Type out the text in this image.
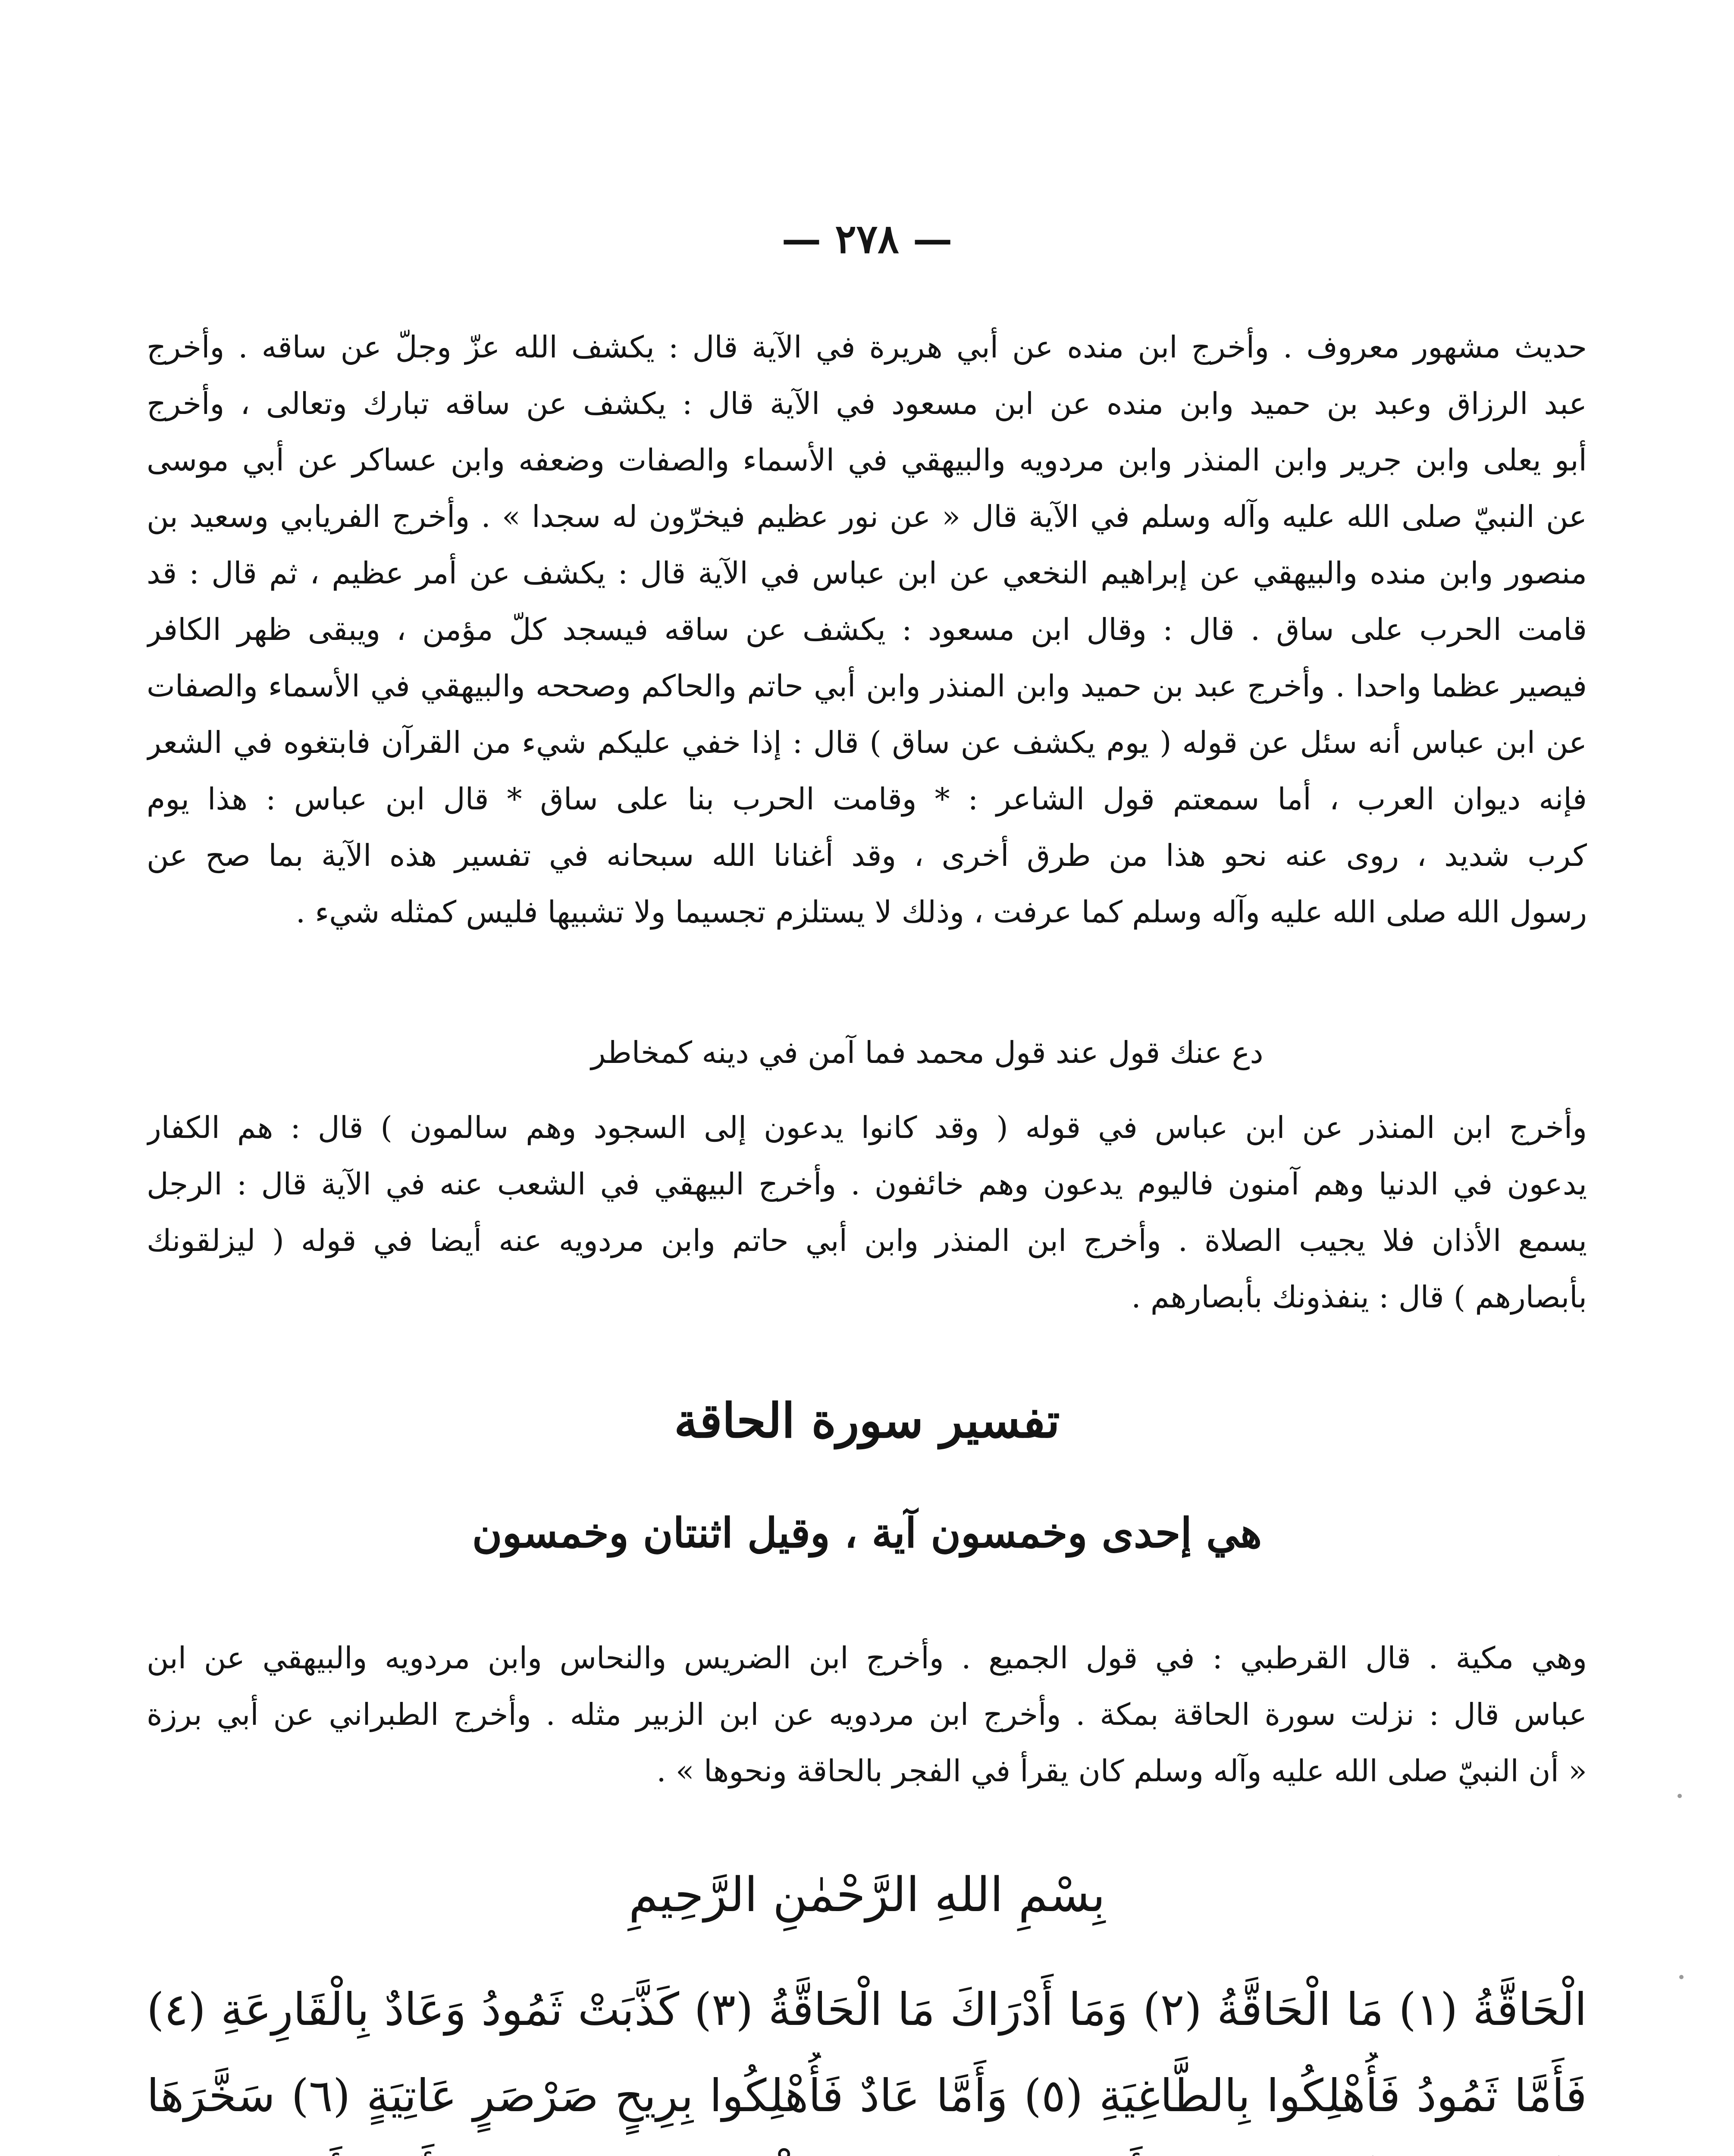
— ٢٧٨ —
حديث مشهور معروف . وأخرج ابن منده عن أبي هريرة في الآية قال : يكشف الله عزّ وجلّ عن ساقه . وأخرج
عبد الرزاق وعبد بن حميد وابن منده عن ابن مسعود في الآية قال : يكشف عن ساقه تبارك وتعالى ، وأخرج
أبو يعلى وابن جرير وابن المنذر وابن مردويه والبيهقي في الأسماء والصفات وضعفه وابن عساكر عن أبي موسى
عن النبيّ صلى الله عليه وآله وسلم في الآية قال « عن نور عظيم فيخرّون له سجدا » . وأخرج الفريابي وسعيد بن
منصور وابن منده والبيهقي عن إبراهيم النخعي عن ابن عباس في الآية قال : يكشف عن أمر عظيم ، ثم قال : قد
قامت الحرب على ساق . قال : وقال ابن مسعود : يكشف عن ساقه فيسجد كلّ مؤمن ، ويبقى ظهر الكافر
فيصير عظما واحدا . وأخرج عبد بن حميد وابن المنذر وابن أبي حاتم والحاكم وصححه والبيهقي في الأسماء والصفات
عن ابن عباس أنه سئل عن قوله ( يوم يكشف عن ساق ) قال : إذا خفي عليكم شيء من القرآن فابتغوه في الشعر
فإنه ديوان العرب ، أما سمعتم قول الشاعر : * وقامت الحرب بنا على ساق * قال ابن عباس : هذا يوم
كرب شديد ، روى عنه نحو هذا من طرق أخرى ، وقد أغنانا الله سبحانه في تفسير هذه الآية بما صح عن
رسول الله صلى الله عليه وآله وسلم كما عرفت ، وذلك لا يستلزم تجسيما ولا تشبيها فليس كمثله شيء .
دع عنك قول عند قول محمد فما آمن في دينه كمخاطر
وأخرج ابن المنذر عن ابن عباس في قوله ( وقد كانوا يدعون إلى السجود وهم سالمون ) قال : هم الكفار
يدعون في الدنيا وهم آمنون فاليوم يدعون وهم خائفون . وأخرج البيهقي في الشعب عنه في الآية قال : الرجل
يسمع الأذان فلا يجيب الصلاة . وأخرج ابن المنذر وابن أبي حاتم وابن مردويه عنه أيضا في قوله ( ليزلقونك
بأبصارهم ) قال : ينفذونك بأبصارهم .
تفسير سورة الحاقة
هي إحدى وخمسون آية ، وقيل اثنتان وخمسون
وهي مكية . قال القرطبي : في قول الجميع . وأخرج ابن الضريس والنحاس وابن مردويه والبيهقي عن ابن
عباس قال : نزلت سورة الحاقة بمكة . وأخرج ابن مردويه عن ابن الزبير مثله . وأخرج الطبراني عن أبي برزة
« أن النبيّ صلى الله عليه وآله وسلم كان يقرأ في الفجر بالحاقة ونحوها » .
بِسْمِ اللهِ الرَّحْمٰنِ الرَّحِيمِ
الْحَاقَّةُ (١) مَا الْحَاقَّةُ (٢) وَمَا أَدْرَاكَ مَا الْحَاقَّةُ (٣) كَذَّبَتْ ثَمُودُ وَعَادٌ بِالْقَارِعَةِ (٤)
فَأَمَّا ثَمُودُ فَأُهْلِكُوا بِالطَّاغِيَةِ (٥) وَأَمَّا عَادٌ فَأُهْلِكُوا بِرِيحٍ صَرْصَرٍ عَاتِيَةٍ (٦) سَخَّرَهَا
